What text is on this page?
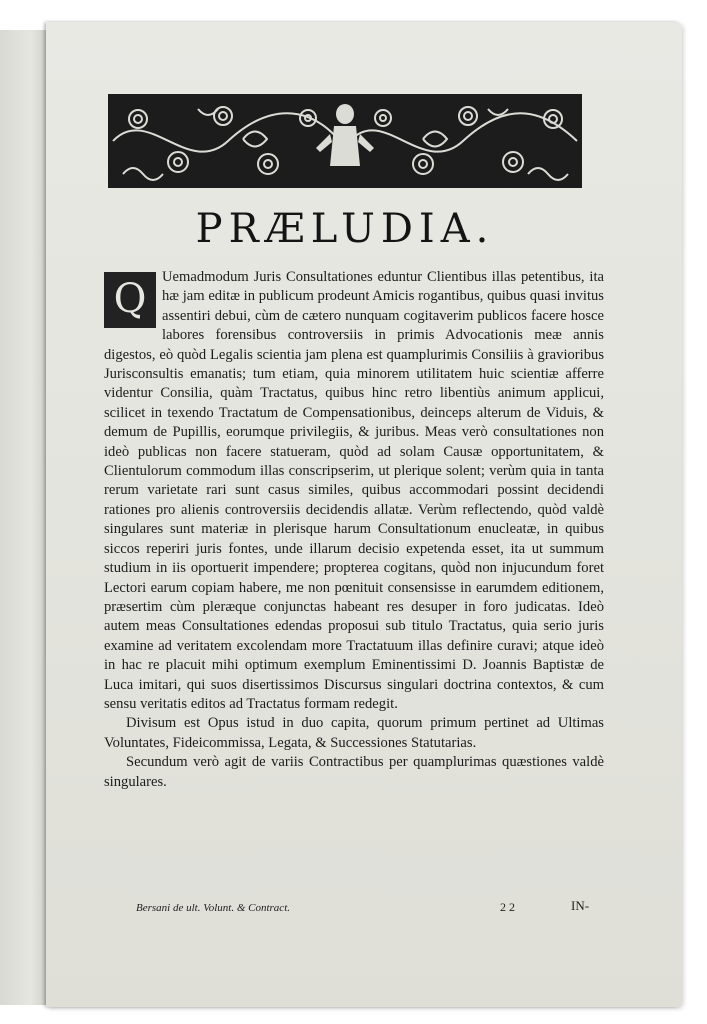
PRÆLUDIA.
Q	Uemadmodum Juris Consultationes eduntur Clientibus illas petentibus, ita hæ jam editæ in publicum prodeunt Amicis rogantibus, quibus quasi invitus assentiri debui, cùm de cætero nunquam cogitaverim publicos facere hosce labores forensibus controversiis in primis Advocationis meæ annis digestos, eò quòd Legalis scientia jam plena est quamplurimis Consiliis à gravioribus Jurisconsultis emanatis; tum etiam, quia minorem utilitatem huic scientiæ afferre videntur Consilia, quàm Tractatus, quibus hinc retro libentiùs animum applicui, scilicet in texendo Tractatum de Compensationibus, deinceps alterum de Viduis, & demum de Pupillis, eorumque privilegiis, & juribus. Meas verò consultationes non ideò publicas non facere statueram, quòd ad solam Causæ opportunitatem, & Clientulorum commodum illas conscripserim, ut plerique solent; verùm quia in tanta rerum varietate rari sunt casus similes, quibus accommodari possint decidendi rationes pro alienis controversiis decidendis allatæ. Verùm reflectendo, quòd valdè singulares sunt materiæ in plerisque harum Consultationum enucleatæ, in quibus siccos reperiri juris fontes, unde illarum decisio expetenda esset, ita ut summum studium in iis oportuerit impendere; propterea cogitans, quòd non injucundum foret Lectori earum copiam habere, me non pœnituit consensisse in earumdem editionem, præsertim cùm pleræque conjunctas habeant res desuper in foro judicatas. Ideò autem meas Consultationes edendas proposui sub titulo Tractatus, quia serio juris examine ad veritatem excolendam more Tractatuum illas definire curavi; atque ideò in hac re placuit mihi optimum exemplum Eminentissimi D. Joannis Baptistæ de Luca imitari, qui suos disertissimos Discursus singulari doctrina contextos, & cum sensu veritatis editos ad Tractatus formam redegit.

Divisum est Opus istud in duo capita, quorum primum pertinet ad Ultimas Voluntates, Fideicommissa, Legata, & Successiones Statutarias.

Secundum verò agit de variis Contractibus per quamplurimas quæstiones valdè singulares.

Bersani de ult. Volunt. & Contract.	2 2	IN-
